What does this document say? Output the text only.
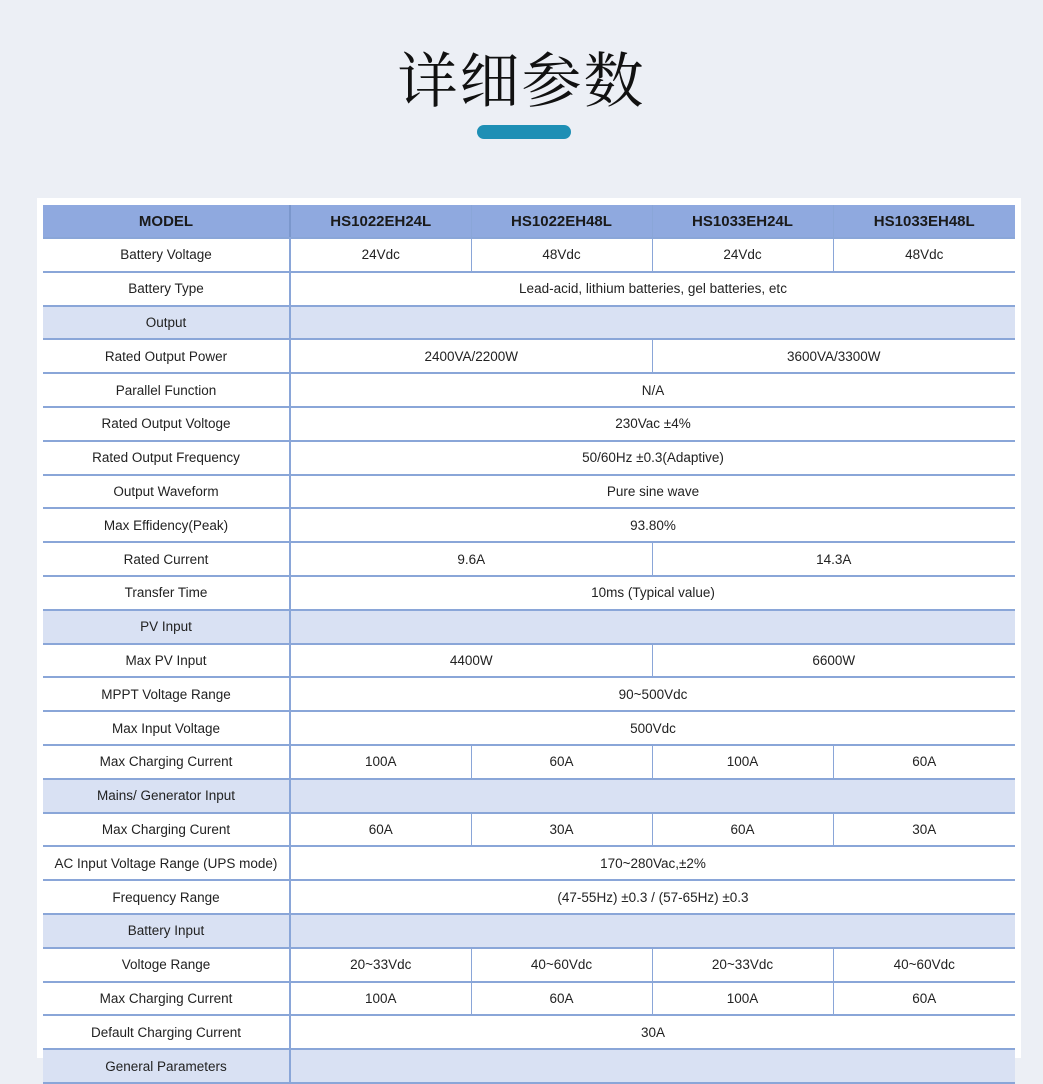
详细参数
MODEL	HS1022EH24L	HS1022EH48L	HS1033EH24L	HS1033EH48L
Battery Voltage	24Vdc	48Vdc	24Vdc	48Vdc
Battery Type	Lead-acid, lithium batteries, gel batteries, etc			
Output				
Rated Output Power	2400VA/2200W		3600VA/3300W	
Parallel Function	N/A			
Rated Output Voltoge	230Vac ±4%			
Rated Output Frequency	50/60Hz ±0.3(Adaptive)			
Output Waveform	Pure sine wave			
Max Effidency(Peak)	93.80%			
Rated Current	9.6A		14.3A	
Transfer Time	10ms (Typical value)			
PV Input				
Max PV Input	4400W		6600W	
MPPT Voltage Range	90~500Vdc			
Max Input Voltage	500Vdc			
Max Charging Current	100A	60A	100A	60A
Mains/ Generator Input				
Max Charging Curent	60A	30A	60A	30A
AC Input Voltage Range (UPS mode)	170~280Vac,±2%			
Frequency Range	(47-55Hz) ±0.3 / (57-65Hz) ±0.3			
Battery Input				
Voltoge Range	20~33Vdc	40~60Vdc	20~33Vdc	40~60Vdc
Max Charging Current	100A	60A	100A	60A
Default Charging Current	30A			
General Parameters				
